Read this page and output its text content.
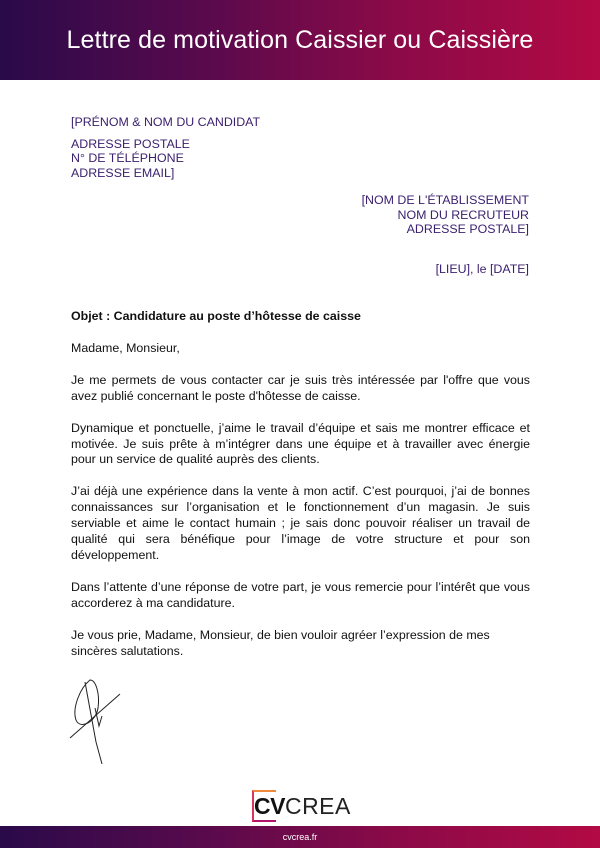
Lettre de motivation Caissier ou Caissière
[PRÉNOM & NOM DU CANDIDAT
ADRESSE POSTALE
N° DE TÉLÉPHONE
ADRESSE EMAIL]
[NOM DE L'ÉTABLISSEMENT
NOM DU RECRUTEUR
ADRESSE POSTALE]
[LIEU], le [DATE]

Objet : Candidature au poste d’hôtesse de caisse

Madame, Monsieur,

Je me permets de vous contacter car je suis très intéressée par l'offre que vous avez publié concernant le poste d'hôtesse de caisse.

Dynamique et ponctuelle, j’aime le travail d’équipe et sais me montrer efficace et motivée. Je suis prête à m’intégrer dans une équipe et à travailler avec énergie pour un service de qualité auprès des clients.

J’ai déjà une expérience dans la vente à mon actif. C’est pourquoi, j’ai de bonnes connaissances sur l’organisation et le fonctionnement d’un magasin. Je suis serviable et aime le contact humain ; je sais donc pouvoir réaliser un travail de qualité qui sera bénéfique pour l’image de votre structure et pour son développement.

Dans l’attente d’une réponse de votre part, je vous remercie pour l’intérêt que vous accorderez à ma candidature.

Je vous prie, Madame, Monsieur, de bien vouloir agréer l’expression de mes sincères salutations.

CV CREA
cvcrea.fr
